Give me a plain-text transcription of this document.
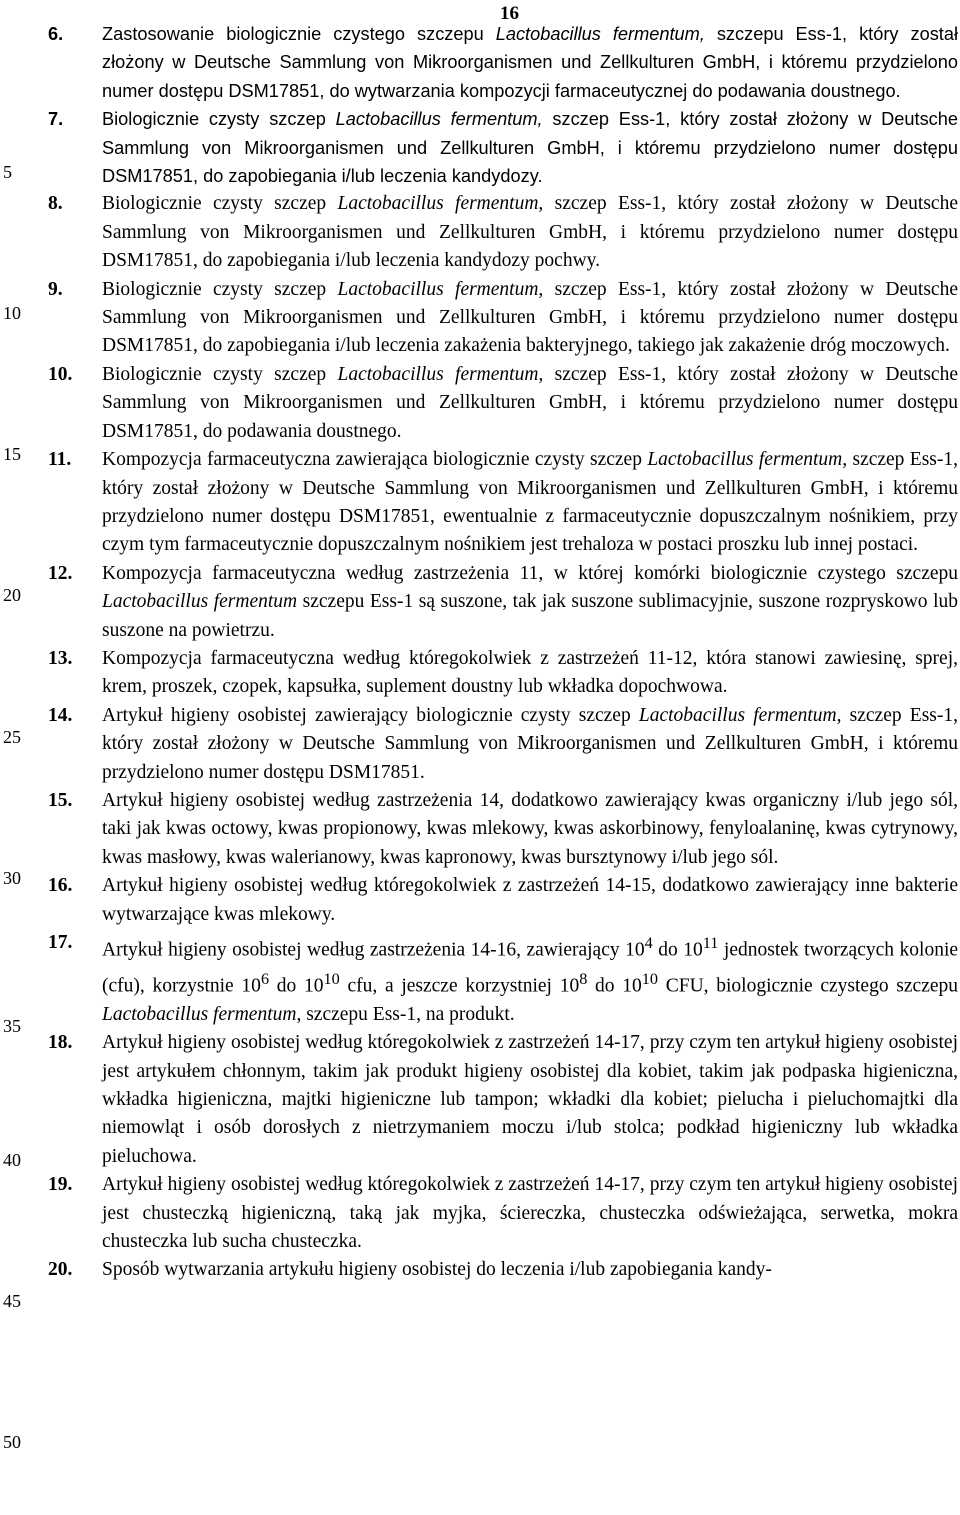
16
5
10
15
20
25
30
35
40
45
50
6. Zastosowanie biologicznie czystego szczepu Lactobacillus fermentum, szczepu Ess-1, który został złożony w Deutsche Sammlung von Mikroorganismen und Zellkulturen GmbH, i któremu przydzielono numer dostępu DSM17851, do wytwarzania kompozycji farmaceutycznej do podawania doustnego.
7. Biologicznie czysty szczep Lactobacillus fermentum, szczep Ess-1, który został złożony w Deutsche Sammlung von Mikroorganismen und Zellkulturen GmbH, i któremu przydzielono numer dostępu DSM17851, do zapobiegania i/lub leczenia kandydozy.
8. Biologicznie czysty szczep Lactobacillus fermentum, szczep Ess-1, który został złożony w Deutsche Sammlung von Mikroorganismen und Zellkulturen GmbH, i któremu przydzielono numer dostępu DSM17851, do zapobiegania i/lub leczenia kandydozy pochwy.
9. Biologicznie czysty szczep Lactobacillus fermentum, szczep Ess-1, który został złożony w Deutsche Sammlung von Mikroorganismen und Zellkulturen GmbH, i któremu przydzielono numer dostępu DSM17851, do zapobiegania i/lub leczenia zakażenia bakteryjnego, takiego jak zakażenie dróg moczowych.
10. Biologicznie czysty szczep Lactobacillus fermentum, szczep Ess-1, który został złożony w Deutsche Sammlung von Mikroorganismen und Zellkulturen GmbH, i któremu przydzielono numer dostępu DSM17851, do podawania doustnego.
11. Kompozycja farmaceutyczna zawierająca biologicznie czysty szczep Lactobacillus fermentum, szczep Ess-1, który został złożony w Deutsche Sammlung von Mikroorganismen und Zellkulturen GmbH, i któremu przydzielono numer dostępu DSM17851, ewentualnie z farmaceutycznie dopuszczalnym nośnikiem, przy czym tym farmaceutycznie dopuszczalnym nośnikiem jest trehaloza w postaci proszku lub innej postaci.
12. Kompozycja farmaceutyczna według zastrzeżenia 11, w której komórki biologicznie czystego szczepu Lactobacillus fermentum szczepu Ess-1 są suszone, tak jak suszone sublimacyjnie, suszone rozpryskowo lub suszone na powietrzu.
13. Kompozycja farmaceutyczna według któregokolwiek z zastrzeżeń 11-12, która stanowi zawiesinę, sprej, krem, proszek, czopek, kapsułka, suplement doustny lub wkładka dopochwowa.
14. Artykuł higieny osobistej zawierający biologicznie czysty szczep Lactobacillus fermentum, szczep Ess-1, który został złożony w Deutsche Sammlung von Mikroorganismen und Zellkulturen GmbH, i któremu przydzielono numer dostępu DSM17851.
15. Artykuł higieny osobistej według zastrzeżenia 14, dodatkowo zawierający kwas organiczny i/lub jego sól, taki jak kwas octowy, kwas propionowy, kwas mlekowy, kwas askorbinowy, fenyloalaninę, kwas cytrynowy, kwas masłowy, kwas walerianowy, kwas kapronowy, kwas bursztynowy i/lub jego sól.
16. Artykuł higieny osobistej według któregokolwiek z zastrzeżeń 14-15, dodatkowo zawierający inne bakterie wytwarzające kwas mlekowy.
17. Artykuł higieny osobistej według zastrzeżenia 14-16, zawierający $10^4$ do $10^{11}$ jednostek tworzących kolonie (cfu), korzystnie $10^6$ do $10^{10}$ cfu, a jeszcze korzystniej $10^8$ do $10^{10}$ CFU, biologicznie czystego szczepu Lactobacillus fermentum, szczepu Ess-1, na produkt.
18. Artykuł higieny osobistej według któregokolwiek z zastrzeżeń 14-17, przy czym ten artykuł higieny osobistej jest artykułem chłonnym, takim jak produkt higieny osobistej dla kobiet, takim jak podpaska higieniczna, wkładka higieniczna, majtki higieniczne lub tampon; wkładki dla kobiet; pielucha i pieluchomajtki dla niemowląt i osób dorosłych z nietrzymaniem moczu i/lub stolca; podkład higieniczny lub wkładka pieluchowa.
19. Artykuł higieny osobistej według któregokolwiek z zastrzeżeń 14-17, przy czym ten artykuł higieny osobistej jest chusteczką higieniczną, taką jak myjka, ściereczka, chusteczka odświeżająca, serwetka, mokra chusteczka lub sucha chusteczka.
20. Sposób wytwarzania artykułu higieny osobistej do leczenia i/lub zapobiegania kandy-
